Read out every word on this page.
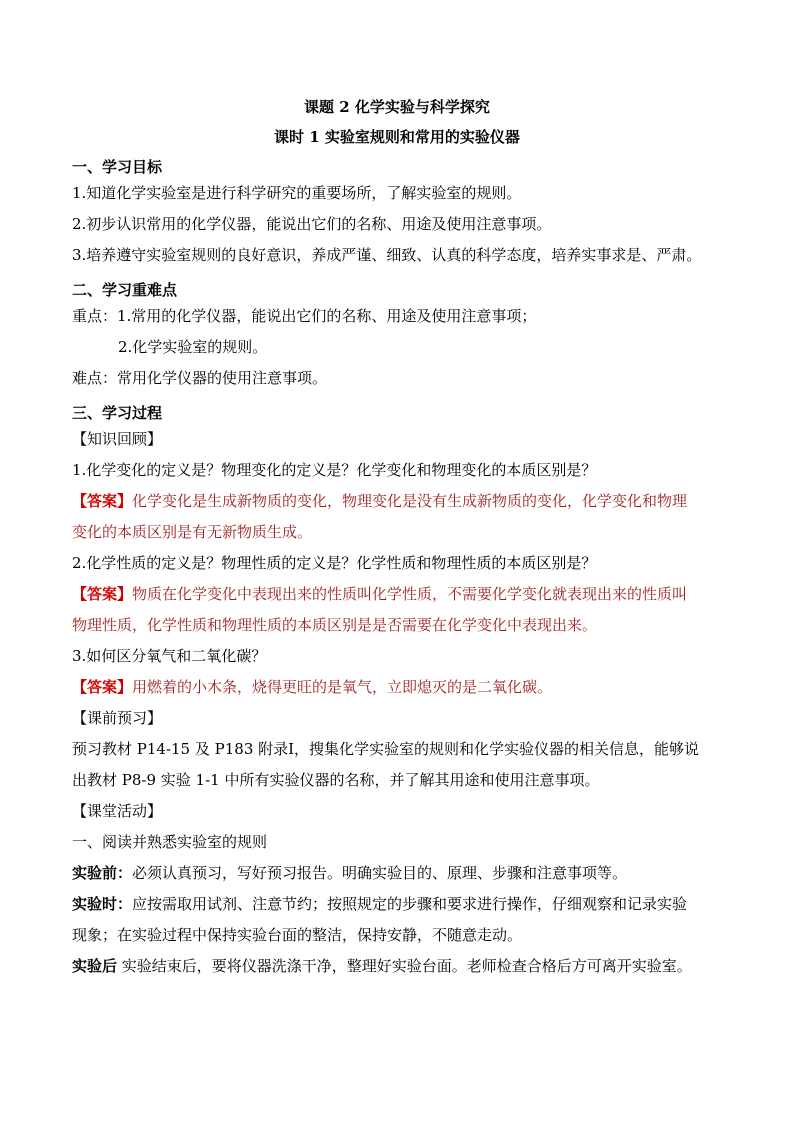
课题 2 化学实验与科学探究
课时 1 实验室规则和常用的实验仪器
一、学习目标
1.知道化学实验室是进行科学研究的重要场所，了解实验室的规则。
2.初步认识常用的化学仪器，能说出它们的名称、用途及使用注意事项。
3.培养遵守实验室规则的良好意识，养成严谨、细致、认真的科学态度，培养实事求是、严肃。
二、学习重难点
重点：1.常用的化学仪器，能说出它们的名称、用途及使用注意事项；
2.化学实验室的规则。
难点：常用化学仪器的使用注意事项。
三、学习过程
【知识回顾】
1.化学变化的定义是？物理变化的定义是？化学变化和物理变化的本质区别是？
【答案】化学变化是生成新物质的变化，物理变化是没有生成新物质的变化，化学变化和物理
变化的本质区别是有无新物质生成。
2.化学性质的定义是？物理性质的定义是？化学性质和物理性质的本质区别是？
【答案】物质在化学变化中表现出来的性质叫化学性质，不需要化学变化就表现出来的性质叫
物理性质，化学性质和物理性质的本质区别是是否需要在化学变化中表现出来。
3.如何区分氧气和二氧化碳？
【答案】用燃着的小木条，烧得更旺的是氧气，立即熄灭的是二氧化碳。
【课前预习】
预习教材 P14-15 及 P183 附录Ⅰ，搜集化学实验室的规则和化学实验仪器的相关信息，能够说
出教材 P8-9 实验 1-1 中所有实验仪器的名称，并了解其用途和使用注意事项。
【课堂活动】
一、阅读并熟悉实验室的规则
实验前：必须认真预习，写好预习报告。明确实验目的、原理、步骤和注意事项等。
实验时：应按需取用试剂、注意节约；按照规定的步骤和要求进行操作，仔细观察和记录实验
现象；在实验过程中保持实验台面的整洁，保持安静，不随意走动。
实验后 实验结束后，要将仪器洗涤干净，整理好实验台面。老师检查合格后方可离开实验室。
